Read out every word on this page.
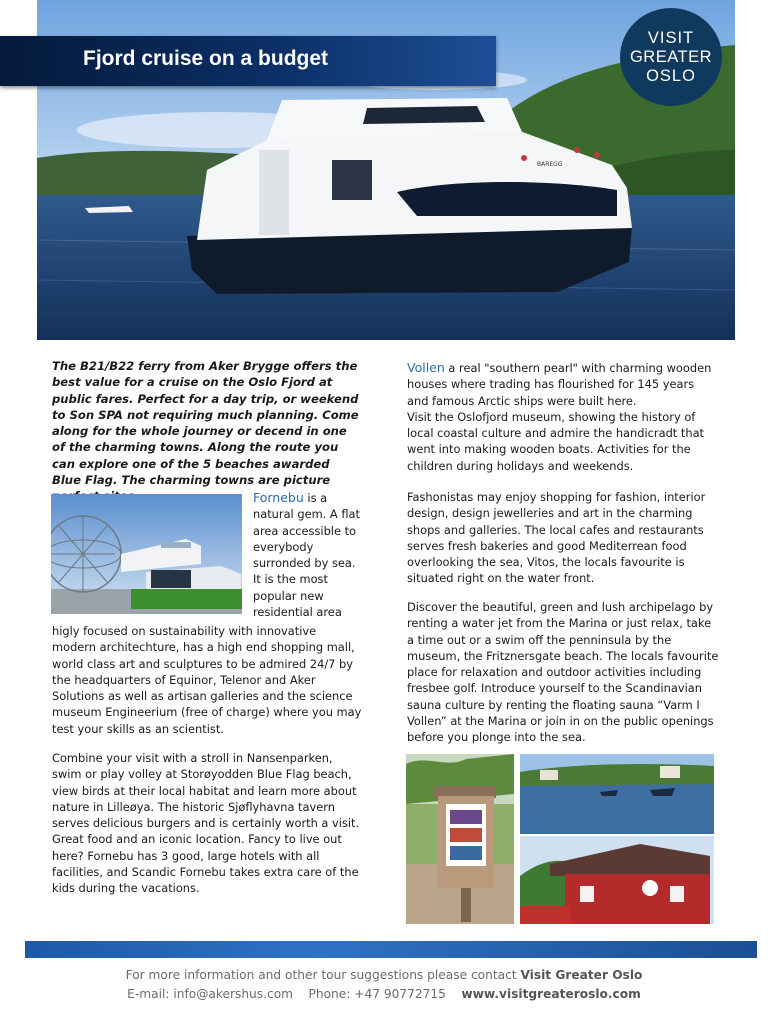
BAREGG
Fjord cruise on a budget
VISIT
GREATER
OSLO
The B21/B22 ferry from Aker Brygge offers the best value for a cruise on the Oslo Fjord at public fares. Perfect for a day trip, or weekend to Son SPA not requiring much planning. Come along for the whole journey or decend in one of the charming towns. Along the route you can explore one of the 5 beaches awarded Blue Flag. The charming towns are picture
Fornebu is a natural gem. A flat area accessible to everybody surronded by sea. It is the most popular new residential area
higly focused on sustainability with innovative modern architechture, has a high end shopping mall, world class art and sculptures to be admired 24/7 by the headquarters of Equinor, Telenor and Aker Solutions as well as artisan galleries and the science museum Engineerium (free of charge) where you may test your skills as an scientist.
Combine your visit with a stroll in Nansenparken, swim or play volley at Storøyodden Blue Flag beach, view birds at their local habitat and learn more about nature in Lilleøya. The historic Sjøflyhavna tavern serves delicious burgers and is certainly worth a visit. Great food and an iconic location. Fancy to live out here? Fornebu has 3 good, large hotels with all facilities, and Scandic Fornebu takes extra care of the kids during the vacations.
Vollen a real "southern pearl" with charming wooden houses where trading has flourished for 145 years and famous Arctic ships were built here.
Visit the Oslofjord museum, showing the history of local coastal culture and admire the handicradt that went into making wooden boats. Activities for the children during holidays and weekends.
Fashonistas may enjoy shopping for fashion, interior design, design jewelleries and art in the charming shops and galleries. The local cafes and restaurants serves fresh bakeries and good Mediterrean food overlooking the sea, Vitos, the locals favourite is situated right on the water front.
Discover the beautiful, green and lush archipelago by renting a water jet from the Marina or just relax, take a time out or a swim off the penninsula by the museum, the Fritznersgate beach. The locals favourite place for relaxation and outdoor activities including fresbee golf. Introduce yourself to the Scandinavian sauna culture by renting the floating sauna “Varm I Vollen” at the Marina or join in on the public openings before you plonge into the sea.
For more information and other tour suggestions please contact Visit Greater Oslo
E-mail: info@akershus.com Phone: +47 90772715 www.visitgreateroslo.com
